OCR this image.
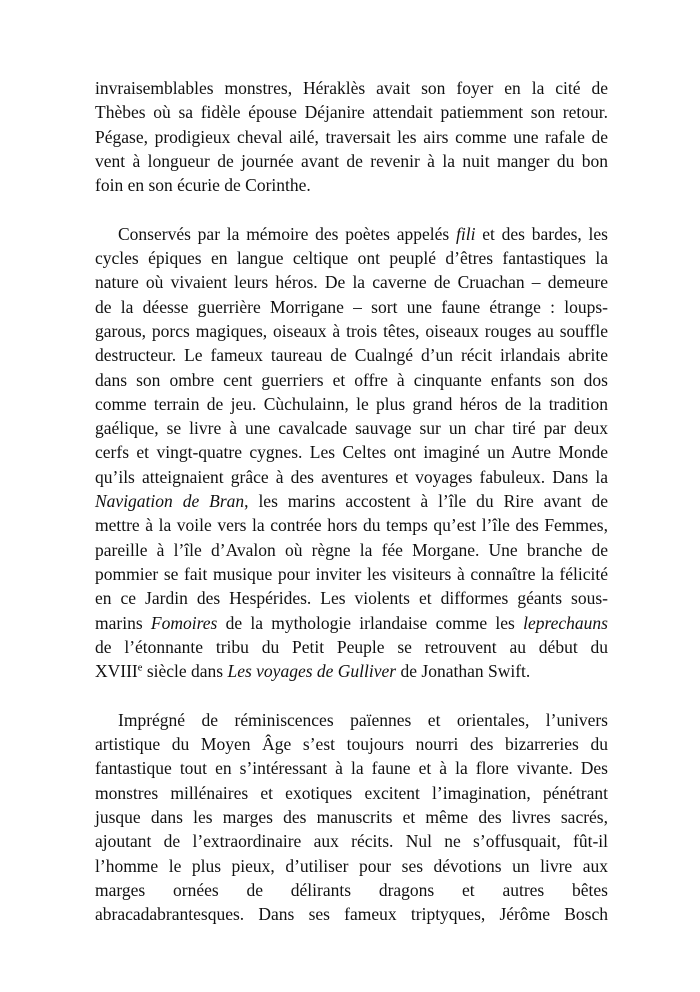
invraisemblables monstres, Héraklès avait son foyer en la cité de
Thèbes où sa fidèle épouse Déjanire attendait patiemment son retour.
Pégase, prodigieux cheval ailé, traversait les airs comme une rafale de
vent à longueur de journée avant de revenir à la nuit manger du bon
foin en son écurie de Corinthe.
Conservés par la mémoire des poètes appelés fili et des bardes, les
cycles épiques en langue celtique ont peuplé d’êtres fantastiques la
nature où vivaient leurs héros. De la caverne de Cruachan – demeure
de la déesse guerrière Morrigane – sort une faune étrange : loups-
garous, porcs magiques, oiseaux à trois têtes, oiseaux rouges au souffle
destructeur. Le fameux taureau de Cualngé d’un récit irlandais abrite
dans son ombre cent guerriers et offre à cinquante enfants son dos
comme terrain de jeu. Cùchulainn, le plus grand héros de la tradition
gaélique, se livre à une cavalcade sauvage sur un char tiré par deux
cerfs et vingt-quatre cygnes. Les Celtes ont imaginé un Autre Monde
qu’ils atteignaient grâce à des aventures et voyages fabuleux. Dans la
Navigation de Bran, les marins accostent à l’île du Rire avant de
mettre à la voile vers la contrée hors du temps qu’est l’île des Femmes,
pareille à l’île d’Avalon où règne la fée Morgane. Une branche de
pommier se fait musique pour inviter les visiteurs à connaître la félicité
en ce Jardin des Hespérides. Les violents et difformes géants sous-
marins Fomoires de la mythologie irlandaise comme les leprechauns
de l’étonnante tribu du Petit Peuple se retrouvent au début du
XVIIIe siècle dans Les voyages de Gulliver de Jonathan Swift.
Imprégné de réminiscences païennes et orientales, l’univers
artistique du Moyen Âge s’est toujours nourri des bizarreries du
fantastique tout en s’intéressant à la faune et à la flore vivante. Des
monstres millénaires et exotiques excitent l’imagination, pénétrant
jusque dans les marges des manuscrits et même des livres sacrés,
ajoutant de l’extraordinaire aux récits. Nul ne s’offusquait, fût-il
l’homme le plus pieux, d’utiliser pour ses dévotions un livre aux
marges ornées de délirants dragons et autres bêtes
abracadabrantesques. Dans ses fameux triptyques, Jérôme Bosch
